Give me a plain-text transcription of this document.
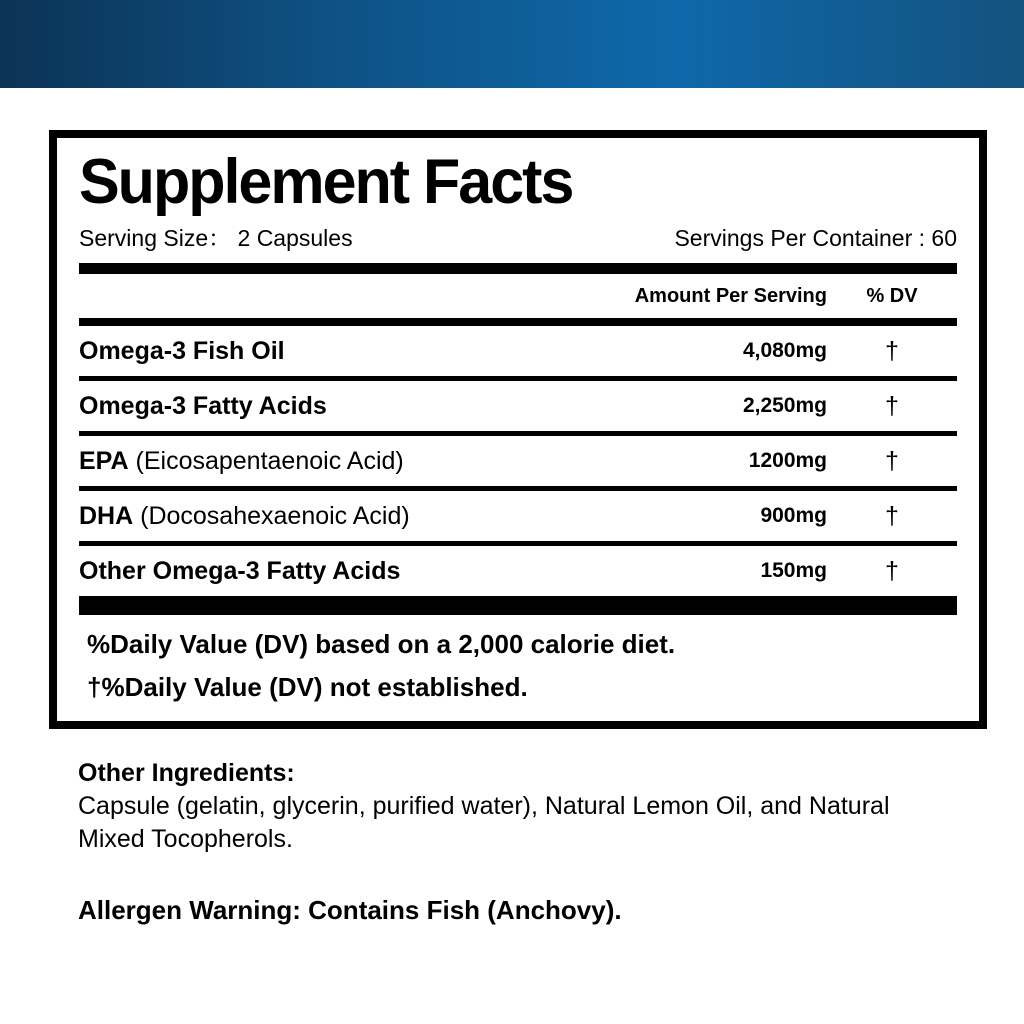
Supplement Facts
Serving Size： 2 Capsules	Servings Per Container : 60
Amount Per Serving	% DV
Omega-3 Fish Oil	4,080mg	†
Omega-3 Fatty Acids	2,250mg	†
EPA (Eicosapentaenoic Acid)	1200mg	†
DHA (Docosahexaenoic Acid)	900mg	†
Other Omega-3 Fatty Acids	150mg	†
%Daily Value (DV) based on a 2,000 calorie diet.
†%Daily Value (DV) not established.
Other Ingredients:
Capsule (gelatin, glycerin, purified water), Natural Lemon Oil, and Natural Mixed Tocopherols.
Allergen Warning: Contains Fish (Anchovy).
